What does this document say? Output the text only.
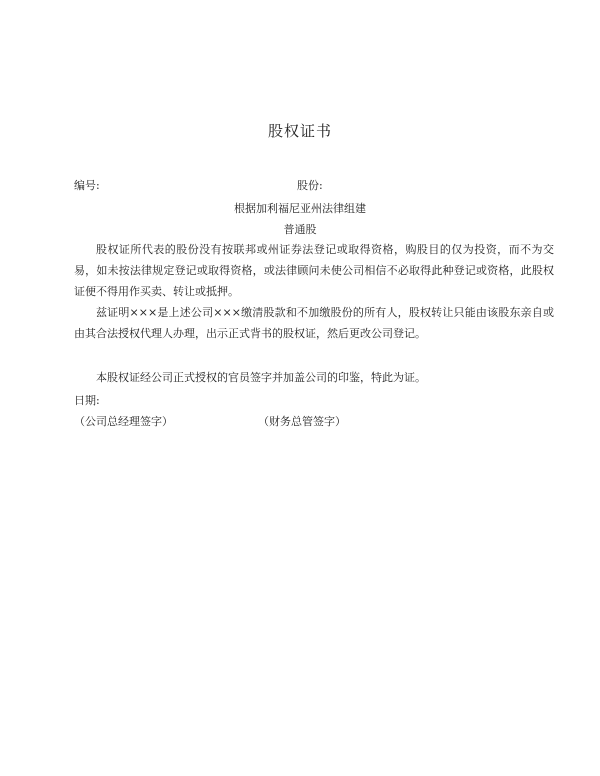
股权证书
编号:	股份:
根据加利福尼亚州法律组建
普通股

股权证所代表的股份没有按联邦或州证券法登记或取得资格，购股目的仅为投资，而不为交易，如未按法律规定登记或取得资格，或法律顾问未使公司相信不必取得此种登记或资格，此股权证便不得用作买卖、转让或抵押。

兹证明×××是上述公司×××缴清股款和不加缴股份的所有人，股权转让只能由该股东亲自或由其合法授权代理人办理，出示正式背书的股权证，然后更改公司登记。

本股权证经公司正式授权的官员签字并加盖公司的印鉴，特此为证。

日期:
（公司总经理签字）	（财务总管签字）
